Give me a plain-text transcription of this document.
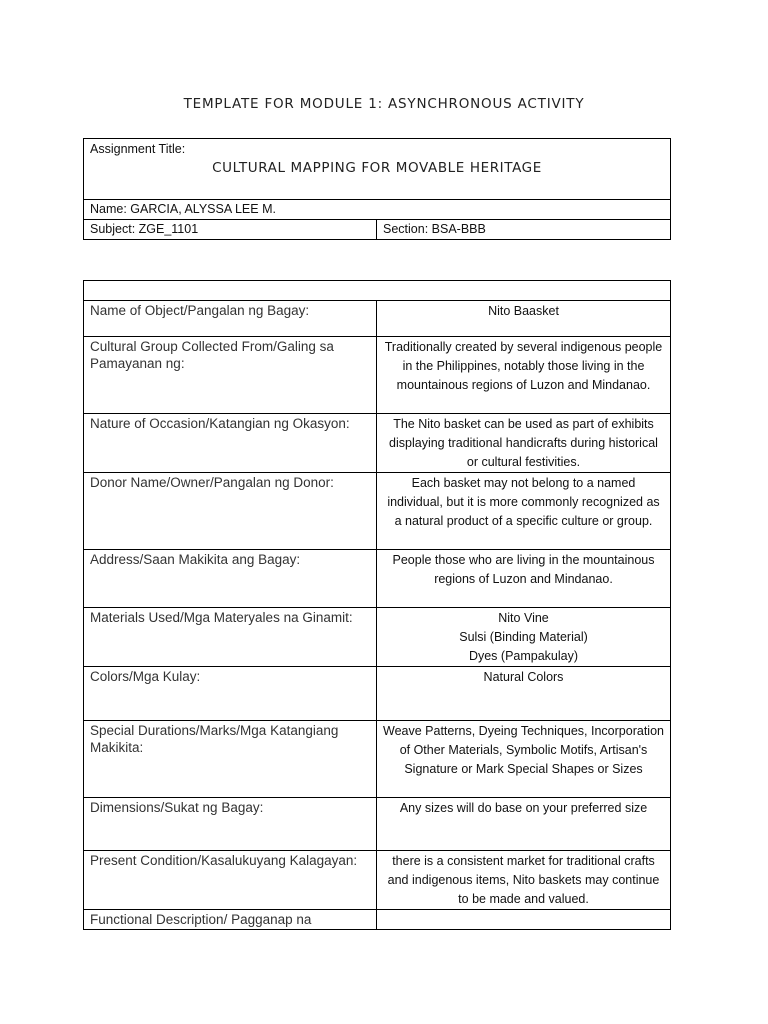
TEMPLATE FOR MODULE 1: ASYNCHRONOUS ACTIVITY
Assignment Title:
CULTURAL MAPPING FOR MOVABLE HERITAGE

Name: GARCIA, ALYSSA LEE M.
Subject: ZGE_1101	Section: BSA-BBB

Name of Object/Pangalan ng Bagay:	Nito Baasket
Cultural Group Collected From/Galing sa Pamayanan ng:	Traditionally created by several indigenous people in the Philippines, notably those living in the mountainous regions of Luzon and Mindanao.
Nature of Occasion/Katangian ng Okasyon:	The Nito basket can be used as part of exhibits displaying traditional handicrafts during historical or cultural festivities.
Donor Name/Owner/Pangalan ng Donor:	Each basket may not belong to a named individual, but it is more commonly recognized as a natural product of a specific culture or group.
Address/Saan Makikita ang Bagay:	People those who are living in the mountainous regions of Luzon and Mindanao.
Materials Used/Mga Materyales na Ginamit:	Nito Vine
Sulsi (Binding Material)
Dyes (Pampakulay)
Colors/Mga Kulay:	Natural Colors
Special Durations/Marks/Mga Katangiang Makikita:	Weave Patterns, Dyeing Techniques, Incorporation of Other Materials, Symbolic Motifs, Artisan's Signature or Mark Special Shapes or Sizes
Dimensions/Sukat ng Bagay:	Any sizes will do base on your preferred size
Present Condition/Kasalukuyang Kalagayan:	there is a consistent market for traditional crafts and indigenous items, Nito baskets may continue to be made and valued.
Functional Description/ Pagganap na	
